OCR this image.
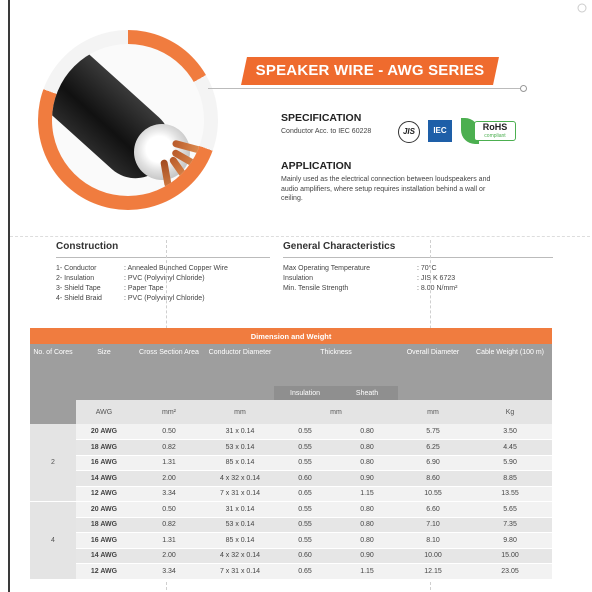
SPEAKER WIRE - AWG SERIES
SPECIFICATION
Conductor Acc. to IEC 60228	JIS	IEC	RoHS
compliant
APPLICATION
Mainly used as the electrical connection between loudspeakers and audio amplifiers, where setup requires installation behind a wall or ceiling.
Construction
1- Conductor	: Annealed Bunched Copper Wire
2- Insulation	: PVC (Polyvinyl Chloride)
3- Shield Tape	: Paper Tape
4- Shield Braid	: PVC (Polyvinyl Chloride)
General Characteristics
Max Operating Temperature	: 70°C
Insulation	: JIS K 6723
Min. Tensile Strength	: 8.00 N/mm²
Dimension and Weight							
No. of Cores	Size	Cross Section Area	Conductor Diameter	Thickness		Overall Diameter	Cable Weight (100 m)
				Insulation	Sheath		
	AWG	mm²	mm	mm		mm	Kg
2	20 AWG	0.50	31 x 0.14	0.55	0.80	5.75	3.50
	18 AWG	0.82	53 x 0.14	0.55	0.80	6.25	4.45
	16 AWG	1.31	85 x 0.14	0.55	0.80	6.90	5.90
	14 AWG	2.00	4 x 32 x 0.14	0.60	0.90	8.60	8.85
	12 AWG	3.34	7 x 31 x 0.14	0.65	1.15	10.55	13.55
4	20 AWG	0.50	31 x 0.14	0.55	0.80	6.60	5.65
	18 AWG	0.82	53 x 0.14	0.55	0.80	7.10	7.35
	16 AWG	1.31	85 x 0.14	0.55	0.80	8.10	9.80
	14 AWG	2.00	4 x 32 x 0.14	0.60	0.90	10.00	15.00
	12 AWG	3.34	7 x 31 x 0.14	0.65	1.15	12.15	23.05
